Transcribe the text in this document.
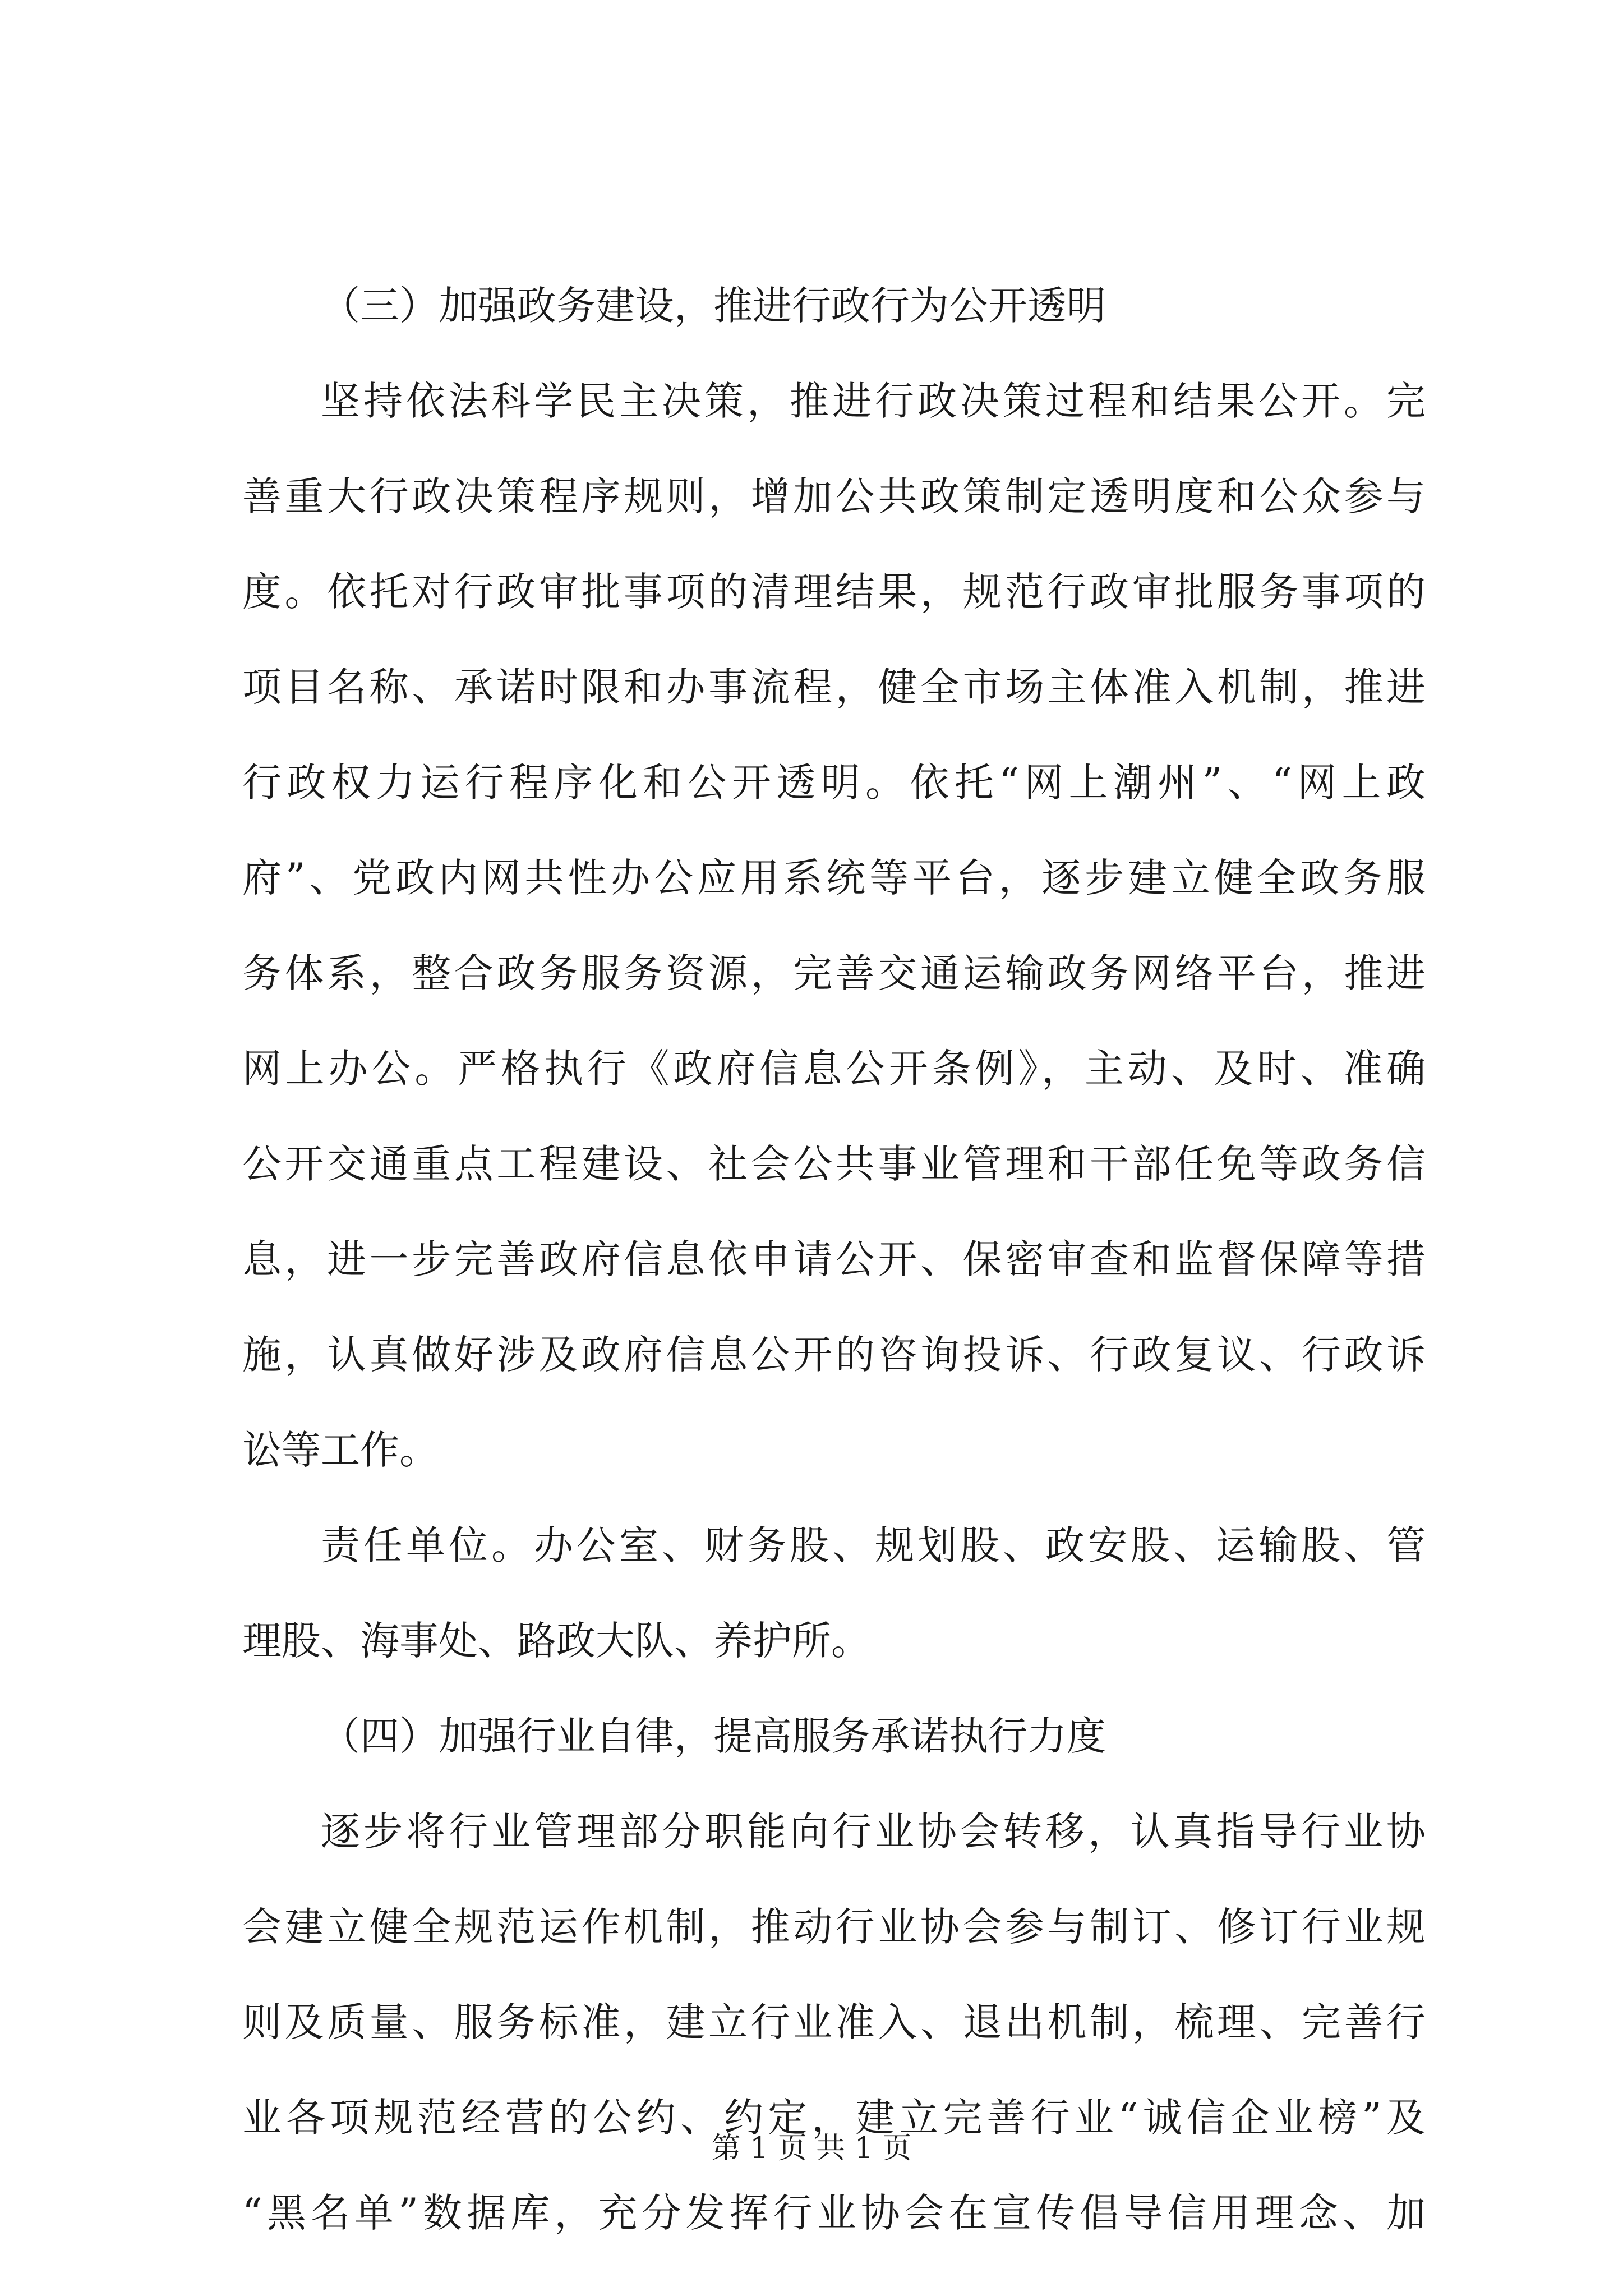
（三）加强政务建设，推进行政行为公开透明
坚持依法科学民主决策，推进行政决策过程和结果公开。完
善重大行政决策程序规则，增加公共政策制定透明度和公众参与
度。依托对行政审批事项的清理结果，规范行政审批服务事项的
项目名称、承诺时限和办事流程，健全市场主体准入机制，推进
行政权力运行程序化和公开透明。依托“网上潮州”、“网上政
府”、党政内网共性办公应用系统等平台，逐步建立健全政务服
务体系，整合政务服务资源，完善交通运输政务网络平台，推进
网上办公。严格执行《政府信息公开条例》，主动、及时、准确
公开交通重点工程建设、社会公共事业管理和干部任免等政务信
息，进一步完善政府信息依申请公开、保密审查和监督保障等措
施，认真做好涉及政府信息公开的咨询投诉、行政复议、行政诉
讼等工作。
责任单位。办公室、财务股、规划股、政安股、运输股、管
理股、海事处、路政大队、养护所。
（四）加强行业自律，提高服务承诺执行力度
逐步将行业管理部分职能向行业协会转移，认真指导行业协
会建立健全规范运作机制，推动行业协会参与制订、修订行业规
则及质量、服务标准，建立行业准入、退出机制，梳理、完善行
业各项规范经营的公约、约定，建立完善行业“诚信企业榜”及
“黑名单”数据库，充分发挥行业协会在宣传倡导信用理念、加
第 1 页 共 1 页
